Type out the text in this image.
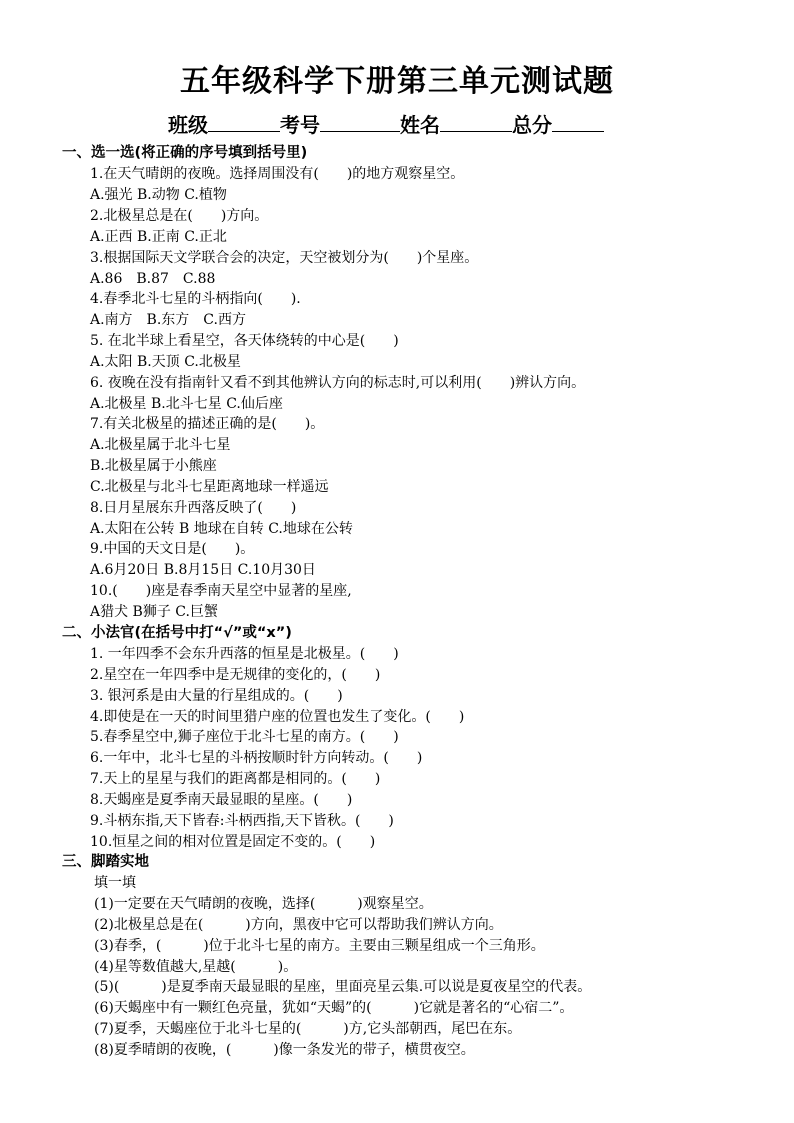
五年级科学下册第三单元测试题
班级	考号	姓名	总分
一、选一选(将正确的序号填到括号里)
1.在天气晴朗的夜晚。选择周围没有(　　)的地方观察星空。
A.强光 B.动物 C.植物
2.北极星总是在(　　)方向。
A.正西 B.正南 C.正北
3.根据国际天文学联合会的决定，天空被划分为(　　)个星座。
A.86　B.87　C.88
4.春季北斗七星的斗柄指向(　　).
A.南方　B.东方　C.西方
5. 在北半球上看星空，各天体绕转的中心是(　　)
A.太阳 B.天顶 C.北极星
6. 夜晚在没有指南针又看不到其他辨认方向的标志时,可以利用(　　)辨认方向。
A.北极星 B.北斗七星 C.仙后座
7.有关北极星的描述正确的是(　　)。
A.北极星属于北斗七星
B.北极星属于小熊座
C.北极星与北斗七星距离地球一样遥远
8.日月星展东升西落反映了(　　)
A.太阳在公转 B 地球在自转 C.地球在公转
9.中国的天文日是(　　)。
A.6月20日 B.8月15日 C.10月30日
10.(　　)座是春季南天星空中显著的星座,
A猎犬 B狮子 C.巨蟹
二、小法官(在括号中打“√”或“x”)
1. 一年四季不会东升西落的恒星是北极星。(　　)
2.星空在一年四季中是无规律的变化的，(　　)
3. 银河系是由大量的行星组成的。(　　)
4.即使是在一天的时间里猎户座的位置也发生了变化。(　　)
5.春季星空中,狮子座位于北斗七星的南方。(　　)
6.一年中，北斗七星的斗柄按顺时针方向转动。(　　)
7.天上的星星与我们的距离都是相同的。(　　)
8.天蝎座是夏季南天最显眼的星座。(　　)
9.斗柄东指,天下皆春:斗柄西指,天下皆秋。(　　)
10.恒星之间的相对位置是固定不变的。(　　)
三、脚踏实地
填一填
(1)一定要在天气晴朗的夜晚，选择(　　　)观察星空。
(2)北极星总是在(　　　)方向，黑夜中它可以帮助我们辨认方向。
(3)春季，(　　　)位于北斗七星的南方。主要由三颗星组成一个三角形。
(4)星等数值越大,星越(　　　)。
(5)(　　　)是夏季南天最显眼的星座，里面亮星云集.可以说是夏夜星空的代表。
(6)天蝎座中有一颗红色亮量，犹如“天蝎”的(　　　)它就是著名的“心宿二”。
(7)夏季，天蝎座位于北斗七星的(　　　)方,它头部朝西，尾巴在东。
(8)夏季晴朗的夜晚，(　　　)像一条发光的带子，横贯夜空。
